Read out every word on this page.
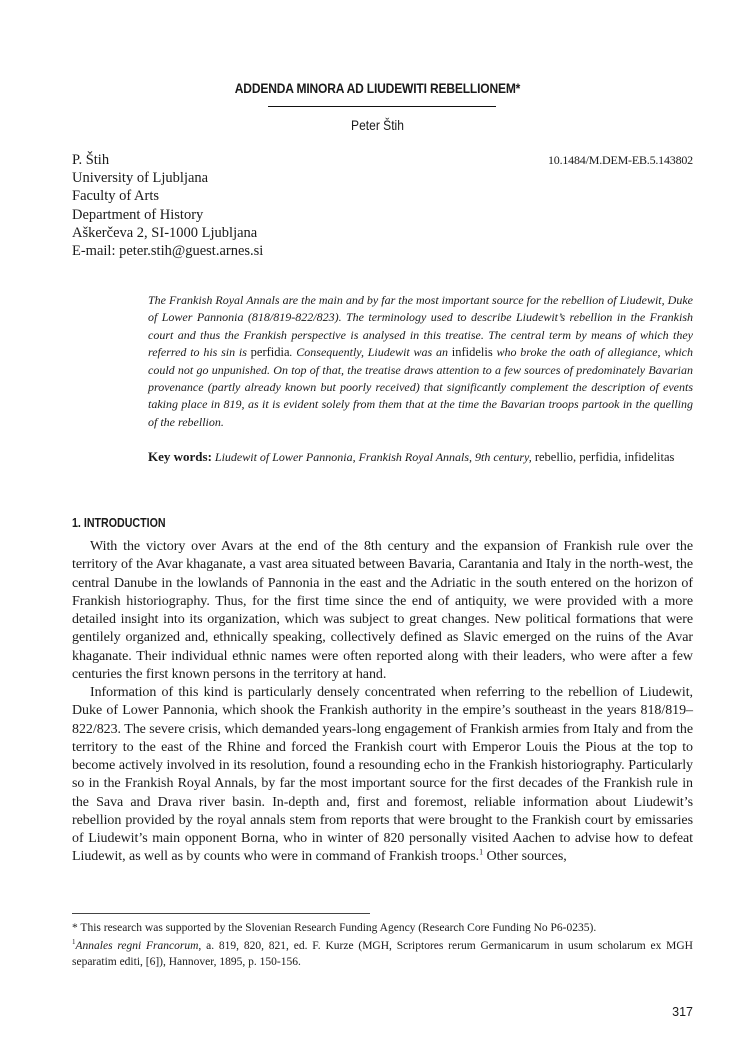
ADDENDA MINORA AD LIUDEWITI REBELLIONEM*
Peter Štih
P. Štih
University of Ljubljana
Faculty of Arts
Department of History
Aškerčeva 2, SI-1000 Ljubljana
E-mail: peter.stih@guest.arnes.si
10.1484/M.DEM-EB.5.143802
The Frankish Royal Annals are the main and by far the most important source for the rebellion of Liudewit, Duke of Lower Pannonia (818/819-822/823). The terminology used to describe Liudewit’s rebellion in the Frankish court and thus the Frankish perspective is analysed in this treatise. The central term by means of which they referred to his sin is perfidia. Consequently, Liudewit was an infidelis who broke the oath of allegiance, which could not go unpunished. On top of that, the treatise draws attention to a few sources of predominately Bavarian provenance (partly already known but poorly received) that significantly complement the description of events taking place in 819, as it is evident solely from them that at the time the Bavarian troops partook in the quelling of the rebellion.
Key words: Liudewit of Lower Pannonia, Frankish Royal Annals, 9th century, rebellio, perfidia, infidelitas
1. INTRODUCTION

With the victory over Avars at the end of the 8th century and the expansion of Frankish rule over the territory of the Avar khaganate, a vast area situated between Bavaria, Carantania and Italy in the north-west, the central Danube in the lowlands of Pannonia in the east and the Adriatic in the south entered on the horizon of Frankish historiography. Thus, for the first time since the end of antiquity, we were provided with a more detailed insight into its organization, which was subject to great changes. New political formations that were gentilely organized and, ethnically speaking, collectively defined as Slavic emerged on the ruins of the Avar khaganate. Their individual ethnic names were often reported along with their leaders, who were after a few centuries the first known persons in the territory at hand.

Information of this kind is particularly densely concentrated when referring to the rebellion of Liudewit, Duke of Lower Pannonia, which shook the Frankish authority in the empire’s southeast in the years 818/819–822/823. The severe crisis, which demanded years-long engagement of Frankish armies from Italy and from the territory to the east of the Rhine and forced the Frankish court with Emperor Louis the Pious at the top to become actively involved in its resolution, found a resounding echo in the Frankish historiography. Particularly so in the Frankish Royal Annals, by far the most important source for the first decades of the Frankish rule in the Sava and Drava river basin. In-depth and, first and foremost, reliable information about Liudewit’s rebellion provided by the royal annals stem from reports that were brought to the Frankish court by emissaries of Liudewit’s main opponent Borna, who in winter of 820 personally visited Aachen to advise how to defeat Liudewit, as well as by counts who were in command of Frankish troops.$^1$ Other sources,

* This research was supported by the Slovenian Research Funding Agency (Research Core Funding No P6-0235).

$^1$Annales regni Francorum, a. 819, 820, 821, ed. F. Kurze (MGH, Scriptores rerum Germanicarum in usum scholarum ex MGH separatim editi, [6]), Hannover, 1895, p. 150-156.

317
